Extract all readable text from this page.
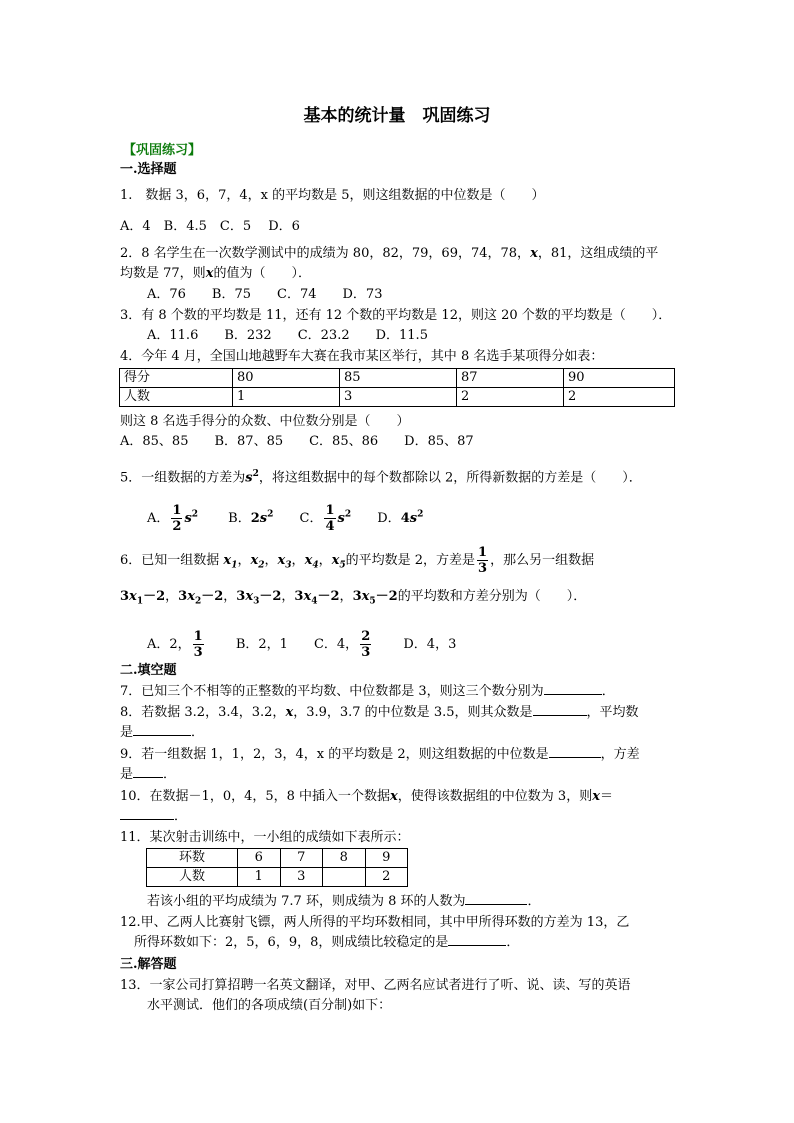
基本的统计量　巩固练习
【巩固练习】
一.选择题
1.　数据 3，6，7，4，x 的平均数是 5，则这组数据的中位数是（　　）
A．4　B．4.5　C．5　 D．6
2．8 名学生在一次数学测试中的成绩为 80，82，79，69，74，78，x，81，这组成绩的平
均数是 77，则x的值为（　　）．
A．76　　B．75　　C．74　　D．73
3．有 8 个数的平均数是 11，还有 12 个数的平均数是 12，则这 20 个数的平均数是（　　）．
A．11.6　　B．232　　C．23.2　　D．11.5
4．今年 4 月，全国山地越野车大赛在我市某区举行，其中 8 名选手某项得分如表：
得分	80	85	87	90
人数	1	3	2	2
则这 8 名选手得分的众数、中位数分别是（　　）
A．85、85　　B．87、85　　C．85、86　　D．85、87
5．一组数据的方差为$s^2$，将这组数据中的每个数都除以 2，所得新数据的方差是（　　）．
A． $\frac{1}{2} s^2$ B．$2s^2$ C． $\frac{1}{4} s^2$ D．$4s^2$
6．已知一组数据 $x_1$，$x_2$，$x_3$，$x_4$，$x_5$的平均数是 2，方差是 $\frac{1}{3}$ ，那么另一组数据
$3x_1-2$，$3x_2-2$，$3x_3-2$，$3x_4-2$，$3x_5-2$的平均数和方差分别为（　　）．
A．2， $\frac{1}{3}$ B．2，1　　C．4， $\frac{2}{3}$ D．4，3
二.填空题
7．已知三个不相等的正整数的平均数、中位数都是 3，则这三个数分别为	．
8．若数据 3.2，3.4，3.2，x，3.9，3.7 的中位数是 3.5，则其众数是	，平均数
是	．
9．若一组数据 1，1，2，3，4，x 的平均数是 2，则这组数据的中位数是	，方差
是 ．
10．在数据－1，0，4，5，8 中插入一个数据x，使得该数据组的中位数为 3，则x＝
．
11．某次射击训练中，一小组的成绩如下表所示：
环数	6	7	8	9
人数	1	3		2
若该小组的平均成绩为 7.7 环，则成绩为 8 环的人数为	．
12.甲、乙两人比赛射飞镖，两人所得的平均环数相同，其中甲所得环数的方差为 13，乙
所得环数如下：2，5，6，9，8，则成绩比较稳定的是	．
三.解答题
13．一家公司打算招聘一名英文翻译，对甲、乙两名应试者进行了听、说、读、写的英语
水平测试．他们的各项成绩(百分制)如下：
